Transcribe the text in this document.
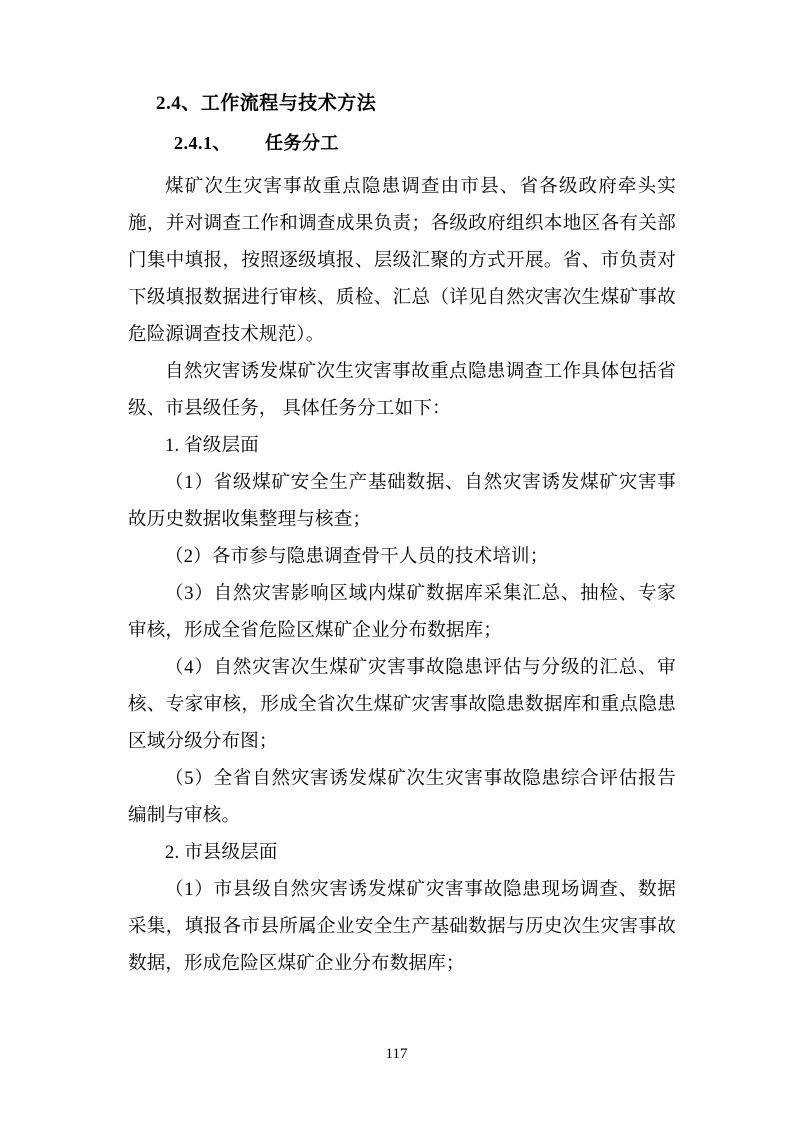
2.4、工作流程与技术方法
2.4.1、 任务分工

煤矿次生灾害事故重点隐患调查由市县、省各级政府牵头实施，并对调查工作和调查成果负责；各级政府组织本地区各有关部门集中填报，按照逐级填报、层级汇聚的方式开展。省、市负责对下级填报数据进行审核、质检、汇总（详见自然灾害次生煤矿事故危险源调查技术规范）。

自然灾害诱发煤矿次生灾害事故重点隐患调查工作具体包括省级、市县级任务， 具体任务分工如下：

1. 省级层面

（1）省级煤矿安全生产基础数据、自然灾害诱发煤矿灾害事故历史数据收集整理与核查；

（2）各市参与隐患调查骨干人员的技术培训；

（3）自然灾害影响区域内煤矿数据库采集汇总、抽检、专家审核，形成全省危险区煤矿企业分布数据库；

（4）自然灾害次生煤矿灾害事故隐患评估与分级的汇总、审核、专家审核，形成全省次生煤矿灾害事故隐患数据库和重点隐患区域分级分布图；

（5）全省自然灾害诱发煤矿次生灾害事故隐患综合评估报告编制与审核。

2. 市县级层面

（1）市县级自然灾害诱发煤矿灾害事故隐患现场调查、数据采集，填报各市县所属企业安全生产基础数据与历史次生灾害事故数据，形成危险区煤矿企业分布数据库；

117
